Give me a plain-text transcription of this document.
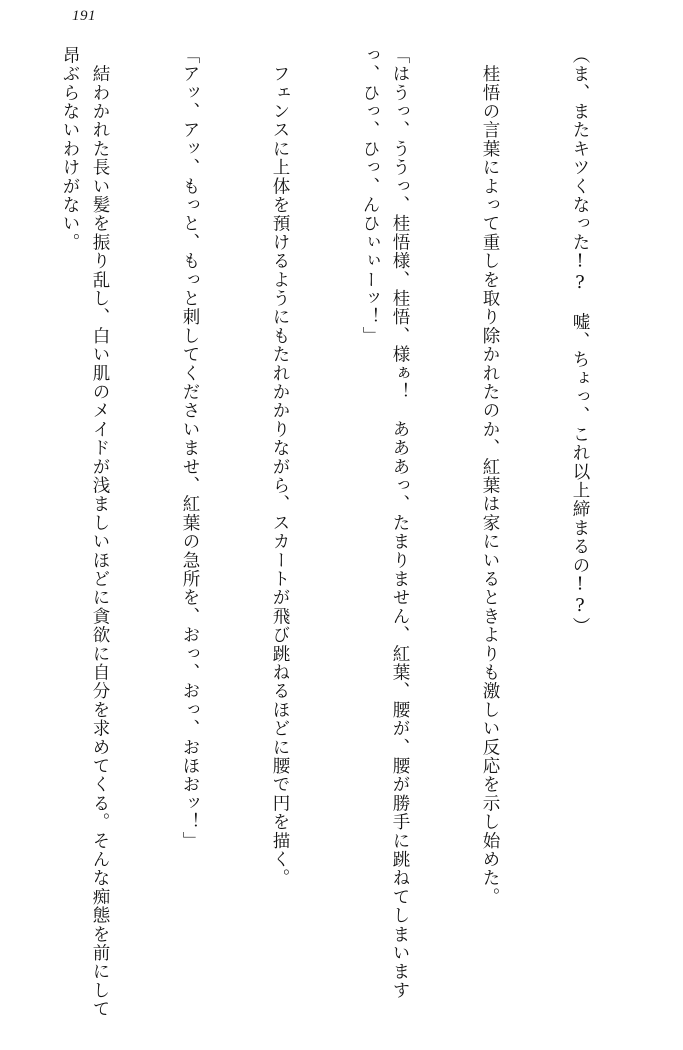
191

（ま、またキツくなった!?　嘘、ちょっ、これ以上締まるの!?）

　桂悟の言葉によって重しを取り除かれたのか、紅葉は家にいるときよりも激しい反応を示し始めた。

「はうっ、ううっ、桂悟様、桂悟、様ぁ！　あああっ、たまりません、紅葉、腰が、腰が勝手に跳ねてしまいますっ、ひっ、ひっ、んひぃぃーッ！」

　フェンスに上体を預けるようにもたれかかりながら、スカートが飛び跳ねるほどに腰で円を描く。

「アッ、アッ、もっと、もっと刺してくださいませ、紅葉の急所を、おっ、おっ、おほおッ！」

　結わかれた長い髪を振り乱し、白い肌のメイドが浅ましいほどに貪欲に自分を求めてくる。そんな痴態を前にして昂ぶらないわけがない。
